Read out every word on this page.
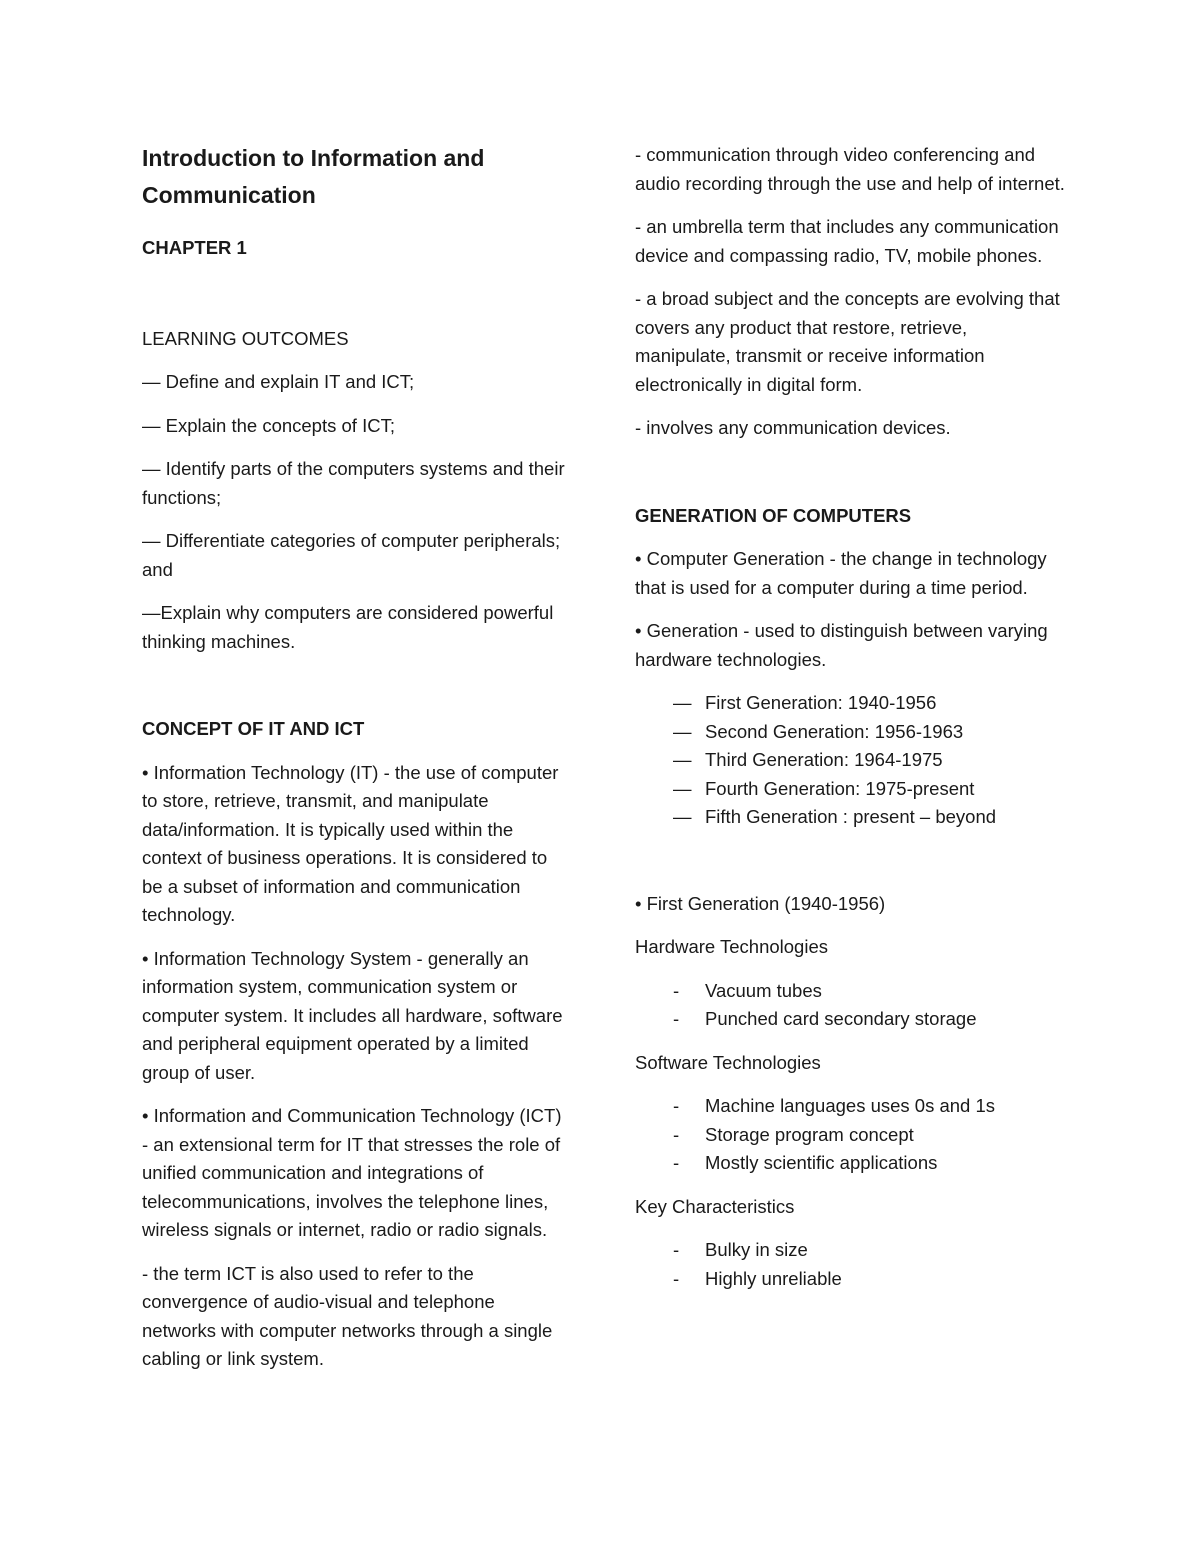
Introduction to Information and Communication
CHAPTER 1
LEARNING OUTCOMES
— Define and explain IT and ICT;
— Explain the concepts of ICT;
— Identify parts of the computers systems and their functions;
— Differentiate categories of computer peripherals; and
—Explain why computers are considered powerful thinking machines.
CONCEPT OF IT AND ICT
• Information Technology (IT) - the use of computer to store, retrieve, transmit, and manipulate data/information. It is typically used within the context of business operations. It is considered to be a subset of information and communication technology.
• Information Technology System - generally an information system, communication system or computer system. It includes all hardware, software and peripheral equipment operated by a limited group of user.
• Information and Communication Technology (ICT) - an extensional term for IT that stresses the role of unified communication and integrations of telecommunications, involves the telephone lines, wireless signals or internet, radio or radio signals.
- the term ICT is also used to refer to the convergence of audio-visual and telephone networks with computer networks through a single cabling or link system.
- communication through video conferencing and audio recording through the use and help of internet.
- an umbrella term that includes any communication device and compassing radio, TV, mobile phones.
- a broad subject and the concepts are evolving that covers any product that restore, retrieve, manipulate, transmit or receive information electronically in digital form.
- involves any communication devices.
GENERATION OF COMPUTERS
• Computer Generation - the change in technology that is used for a computer during a time period.
• Generation - used to distinguish between varying hardware technologies.
— First Generation: 1940-1956
— Second Generation: 1956-1963
— Third Generation: 1964-1975
— Fourth Generation: 1975-present
— Fifth Generation : present – beyond
• First Generation (1940-1956)
Hardware Technologies
-	Vacuum tubes
-	Punched card secondary storage
Software Technologies
-	Machine languages uses 0s and 1s
-	Storage program concept
-	Mostly scientific applications
Key Characteristics
-	Bulky in size
-	Highly unreliable
